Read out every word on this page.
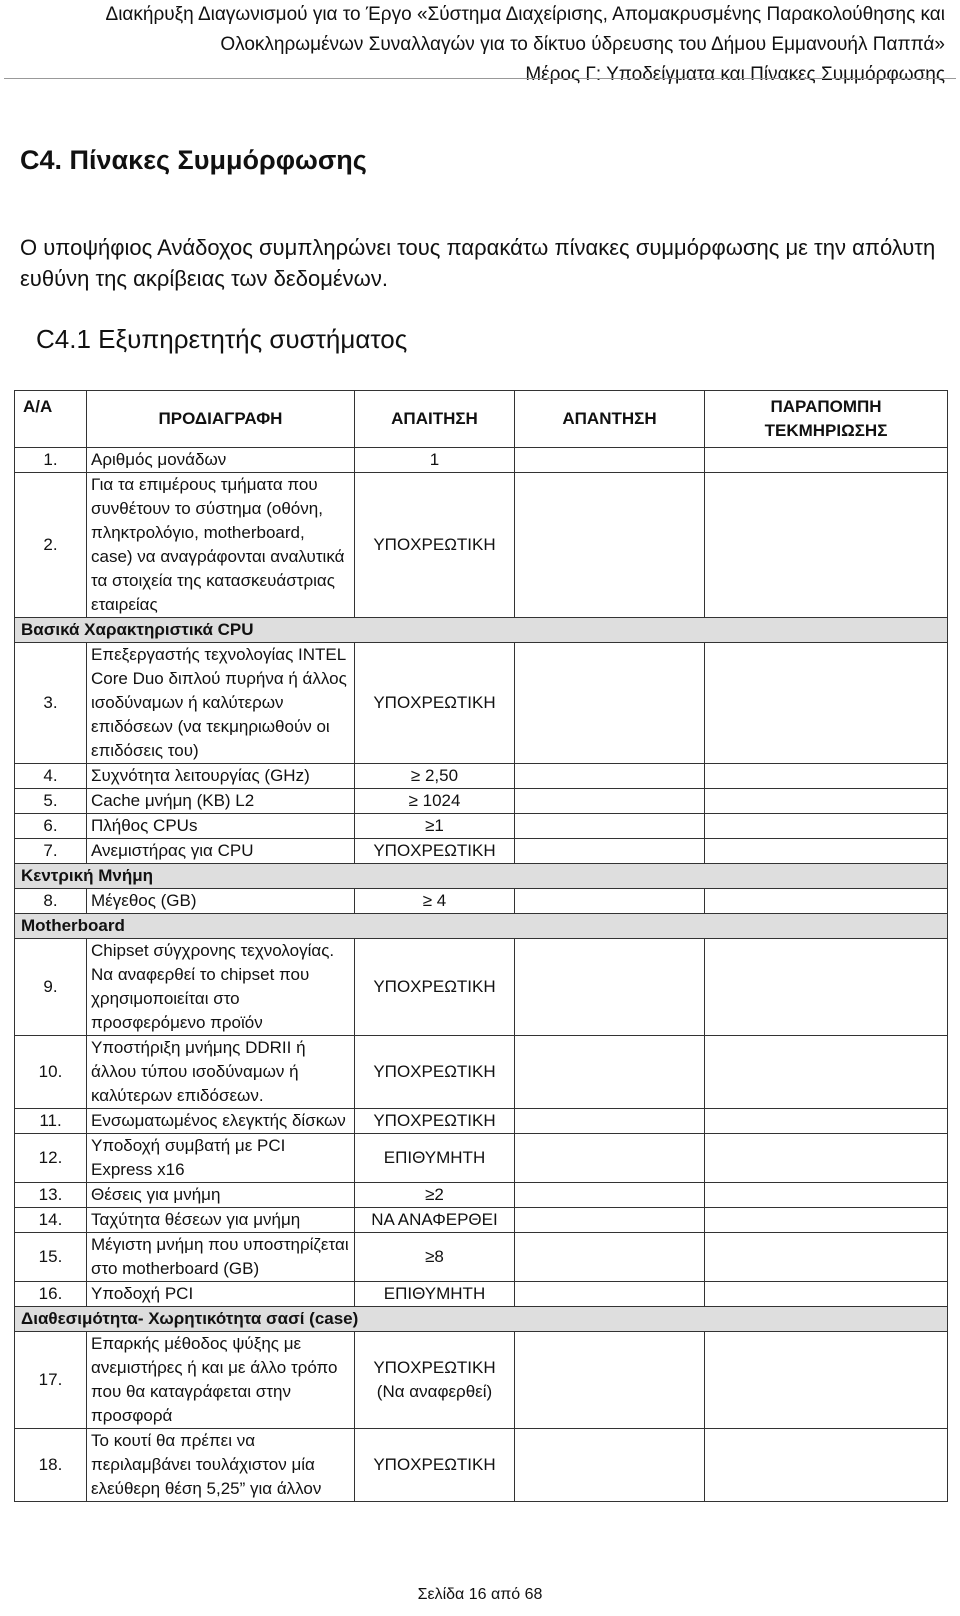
Διακήρυξη Διαγωνισμού για το Έργο «Σύστημα Διαχείρισης, Απομακρυσμένης Παρακολούθησης και
Ολοκληρωμένων Συναλλαγών για το δίκτυο ύδρευσης του Δήμου Εμμανουήλ Παππά»
Μέρος Γ: Υποδείγματα και Πίνακες Συμμόρφωσης
C4. Πίνακες Συμμόρφωσης
Ο υποψήφιος Ανάδοχος συμπληρώνει τους παρακάτω πίνακες συμμόρφωσης με την απόλυτη ευθύνη της ακρίβειας των δεδομένων.
C4.1 Εξυπηρετητής συστήματος
Α/Α	ΠΡΟΔΙΑΓΡΑΦΗ	ΑΠΑΙΤΗΣΗ	ΑΠΑΝΤΗΣΗ	ΠΑΡΑΠΟΜΠΗ ΤΕΚΜΗΡΙΩΣΗΣ
1.	Αριθμός μονάδων	1		
2.	Για τα επιμέρους τμήματα που συνθέτουν το σύστημα (οθόνη, πληκτρολόγιο, motherboard, case) να αναγράφονται αναλυτικά τα στοιχεία της κατασκευάστριας εταιρείας	ΥΠΟΧΡΕΩΤΙΚΗ		
Βασικά Χαρακτηριστικά CPU				
3.	Επεξεργαστής τεχνολογίας INTEL Core Duo διπλού πυρήνα ή άλλος ισοδύναμων ή καλύτερων επιδόσεων (να τεκμηριωθούν οι επιδόσεις του)	ΥΠΟΧΡΕΩΤΙΚΗ		
4.	Συχνότητα λειτουργίας (GHz)	≥ 2,50		
5.	Cache μνήμη (KB) L2	≥ 1024		
6.	Πλήθος CPUs	≥1		
7.	Ανεμιστήρας για CPU	ΥΠΟΧΡΕΩΤΙΚΗ		
Κεντρική Μνήμη				
8.	Μέγεθος (GB)	≥ 4		
Motherboard				
9.	Chipset σύγχρονης τεχνολογίας. Να αναφερθεί το chipset που χρησιμοποιείται στο προσφερόμενο προϊόν	ΥΠΟΧΡΕΩΤΙΚΗ		
10.	Υποστήριξη μνήμης DDRII ή άλλου τύπου ισοδύναμων ή καλύτερων επιδόσεων.	ΥΠΟΧΡΕΩΤΙΚΗ		
11.	Ενσωματωμένος ελεγκτής δίσκων	ΥΠΟΧΡΕΩΤΙΚΗ		
12.	Υποδοχή συμβατή με PCI Express x16	ΕΠΙΘΥΜΗΤΗ		
13.	Θέσεις για μνήμη	≥2		
14.	Ταχύτητα θέσεων για μνήμη	ΝΑ ΑΝΑΦΕΡΘΕΙ		
15.	Μέγιστη μνήμη που υποστηρίζεται στο motherboard (GB)	≥8		
16.	Υποδοχή PCI	ΕΠΙΘΥΜΗΤΗ		
Διαθεσιμότητα- Χωρητικότητα σασί (case)				
17.	Επαρκής μέθοδος ψύξης με ανεμιστήρες ή και με άλλο τρόπο που θα καταγράφεται στην προσφορά	ΥΠΟΧΡΕΩΤΙΚΗ (Να αναφερθεί)		
18.	Το κουτί θα πρέπει να περιλαμβάνει τουλάχιστον μία ελεύθερη θέση 5,25” για άλλον	ΥΠΟΧΡΕΩΤΙΚΗ		
Σελίδα 16 από 68
